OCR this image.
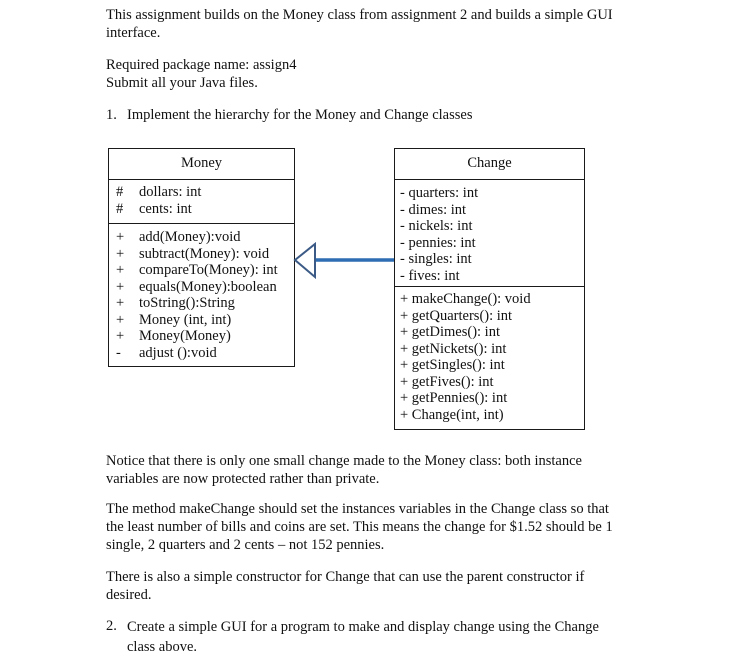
This assignment builds on the Money class from assignment 2 and builds a simple GUI
interface.
Required package name: assign4
Submit all your Java files.
1. Implement the hierarchy for the Money and Change classes
Money
# dollars: int
# cents: int
+ add(Money):void
+ subtract(Money): void
+ compareTo(Money): int
+ equals(Money):boolean
+ toString():String
+ Money (int, int)
+ Money(Money)
- adjust ():void
Change
- quarters: int
- dimes: int
- nickels: int
- pennies: int
- singles: int
- fives: int
+ makeChange(): void
+ getQuarters(): int
+ getDimes(): int
+ getNickets(): int
+ getSingles(): int
+ getFives(): int
+ getPennies(): int
+ Change(int, int)
Notice that there is only one small change made to the Money class: both instance
variables are now protected rather than private.
The method makeChange should set the instances variables in the Change class so that
the least number of bills and coins are set. This means the change for $1.52 should be 1
single, 2 quarters and 2 cents – not 152 pennies.
There is also a simple constructor for Change that can use the parent constructor if
desired.
2. Create a simple GUI for a program to make and display change using the Change
class above.
